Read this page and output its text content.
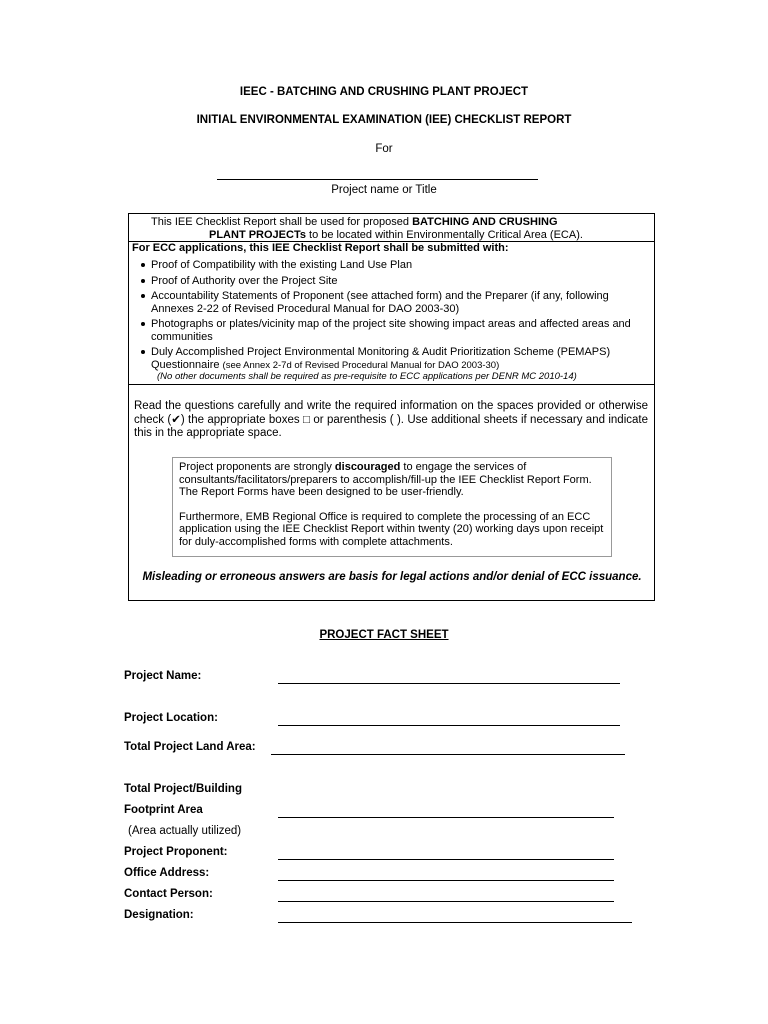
IEEC - BATCHING AND CRUSHING PLANT PROJECT
INITIAL ENVIRONMENTAL EXAMINATION (IEE) CHECKLIST REPORT
For
Project name or Title
This IEE Checklist Report shall be used for proposed BATCHING AND CRUSHING
PLANT PROJECTs to be located within Environmentally Critical Area (ECA).
For ECC applications, this IEE Checklist Report shall be submitted with:
Proof of Compatibility with the existing Land Use Plan
Proof of Authority over the Project Site
Accountability Statements of Proponent (see attached form) and the Preparer (if any, following Annexes 2-22 of Revised Procedural Manual for DAO 2003-30)
Photographs or plates/vicinity map of the project site showing impact areas and affected areas and communities
Duly Accomplished Project Environmental Monitoring & Audit Prioritization Scheme (PEMAPS) Questionnaire (see Annex 2-7d of Revised Procedural Manual for DAO 2003-30)
(No other documents shall be required as pre-requisite to ECC applications per DENR MC 2010-14)
Read the questions carefully and write the required information on the spaces provided or otherwise check (✔) the appropriate boxes □ or parenthesis ( ). Use additional sheets if necessary and indicate this in the appropriate space.
Project proponents are strongly discouraged to engage the services of consultants/facilitators/preparers to accomplish/fill-up the IEE Checklist Report Form. The Report Forms have been designed to be user-friendly.
Furthermore, EMB Regional Office is required to complete the processing of an ECC application using the IEE Checklist Report within twenty (20) working days upon receipt for duly-accomplished forms with complete attachments.
Misleading or erroneous answers are basis for legal actions and/or denial of ECC issuance.
PROJECT FACT SHEET
Project Name:
Project Location:
Total Project Land Area:
Total Project/Building
Footprint Area
(Area actually utilized)
Project Proponent:
Office Address:
Contact Person:
Designation:
